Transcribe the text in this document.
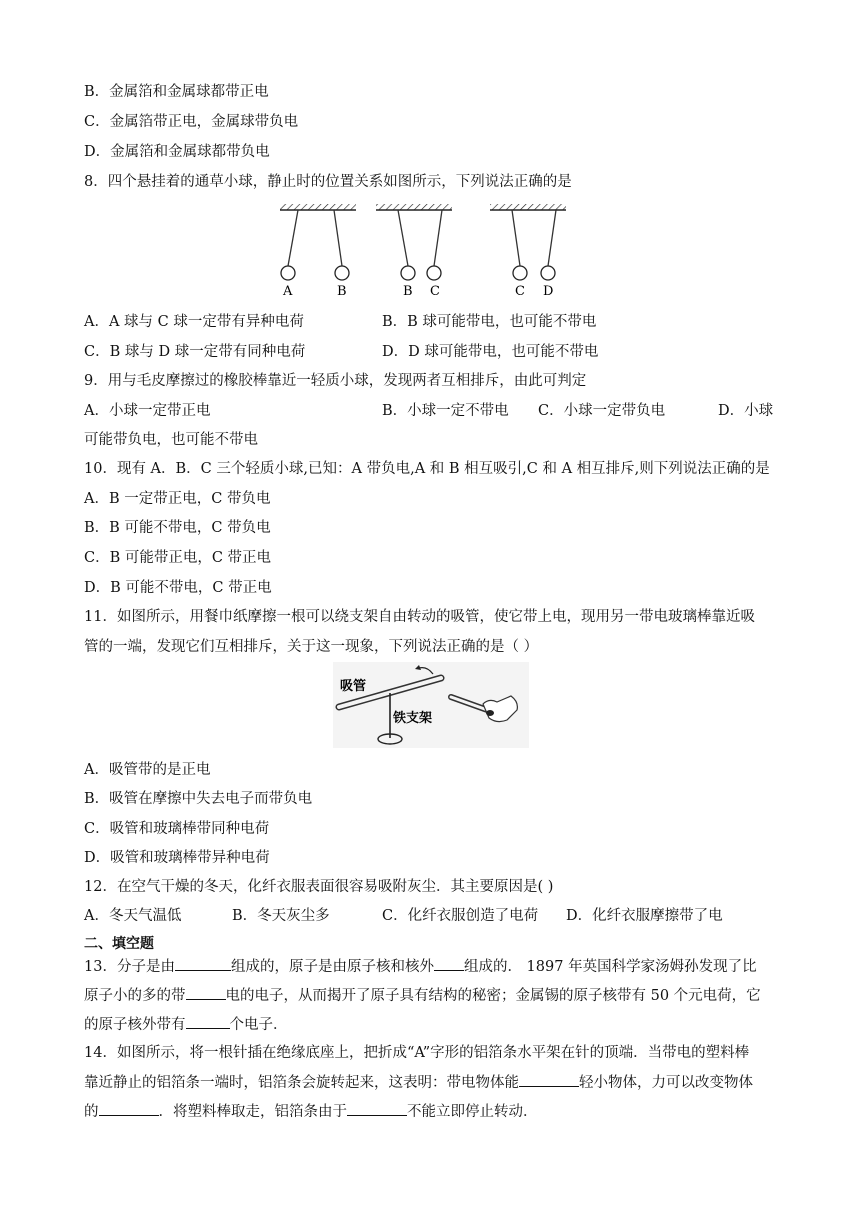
B．金属箔和金属球都带正电
C．金属箔带正电，金属球带负电
D．金属箔和金属球都带负电
8．四个悬挂着的通草小球，静止时的位置关系如图所示，下列说法正确的是
A	B	B C	C D
A．A 球与 C 球一定带有异种电荷	B．B 球可能带电，也可能不带电
C．B 球与 D 球一定带有同种电荷	D．D 球可能带电，也可能不带电
9．用与毛皮摩擦过的橡胶棒靠近一轻质小球，发现两者互相排斥，由此可判定
A．小球一定带正电	B．小球一定不带电 C．小球一定带负电	D．小球
可能带负电，也可能不带电
10．现有 A．B．C 三个轻质小球,已知：A 带负电,A 和 B 相互吸引,C 和 A 相互排斥,则下列说法正确的是
A．B 一定带正电，C 带负电
B．B 可能不带电，C 带负电
C．B 可能带正电，C 带正电
D．B 可能不带电，C 带正电
11．如图所示，用餐巾纸摩擦一根可以绕支架自由转动的吸管，使它带上电，现用另一带电玻璃棒靠近吸
管的一端，发现它们互相排斥，关于这一现象，下列说法正确的是（ ）
吸管
铁支架
A．吸管带的是正电
B．吸管在摩擦中失去电子而带负电
C．吸管和玻璃棒带同种电荷
D．吸管和玻璃棒带异种电荷
12．在空气干燥的冬天，化纤衣服表面很容易吸附灰尘．其主要原因是( )
A．冬天气温低	B．冬天灰尘多	C．化纤衣服创造了电荷 D．化纤衣服摩擦带了电
二、填空题
13．分子是由	组成的，原子是由原子核和核外 组成的． 1897 年英国科学家汤姆孙发现了比
原子小的多的带	电的电子，从而揭开了原子具有结构的秘密；金属锡的原子核带有 50 个元电荷，它
的原子核外带有	个电子．
14．如图所示，将一根针插在绝缘底座上，把折成“A”字形的铝箔条水平架在针的顶端．当带电的塑料棒
靠近静止的铝箔条一端时，铝箔条会旋转起来，这表明：带电物体能	轻小物体，力可以改变物体
的	．将塑料棒取走，铝箔条由于	不能立即停止转动．
